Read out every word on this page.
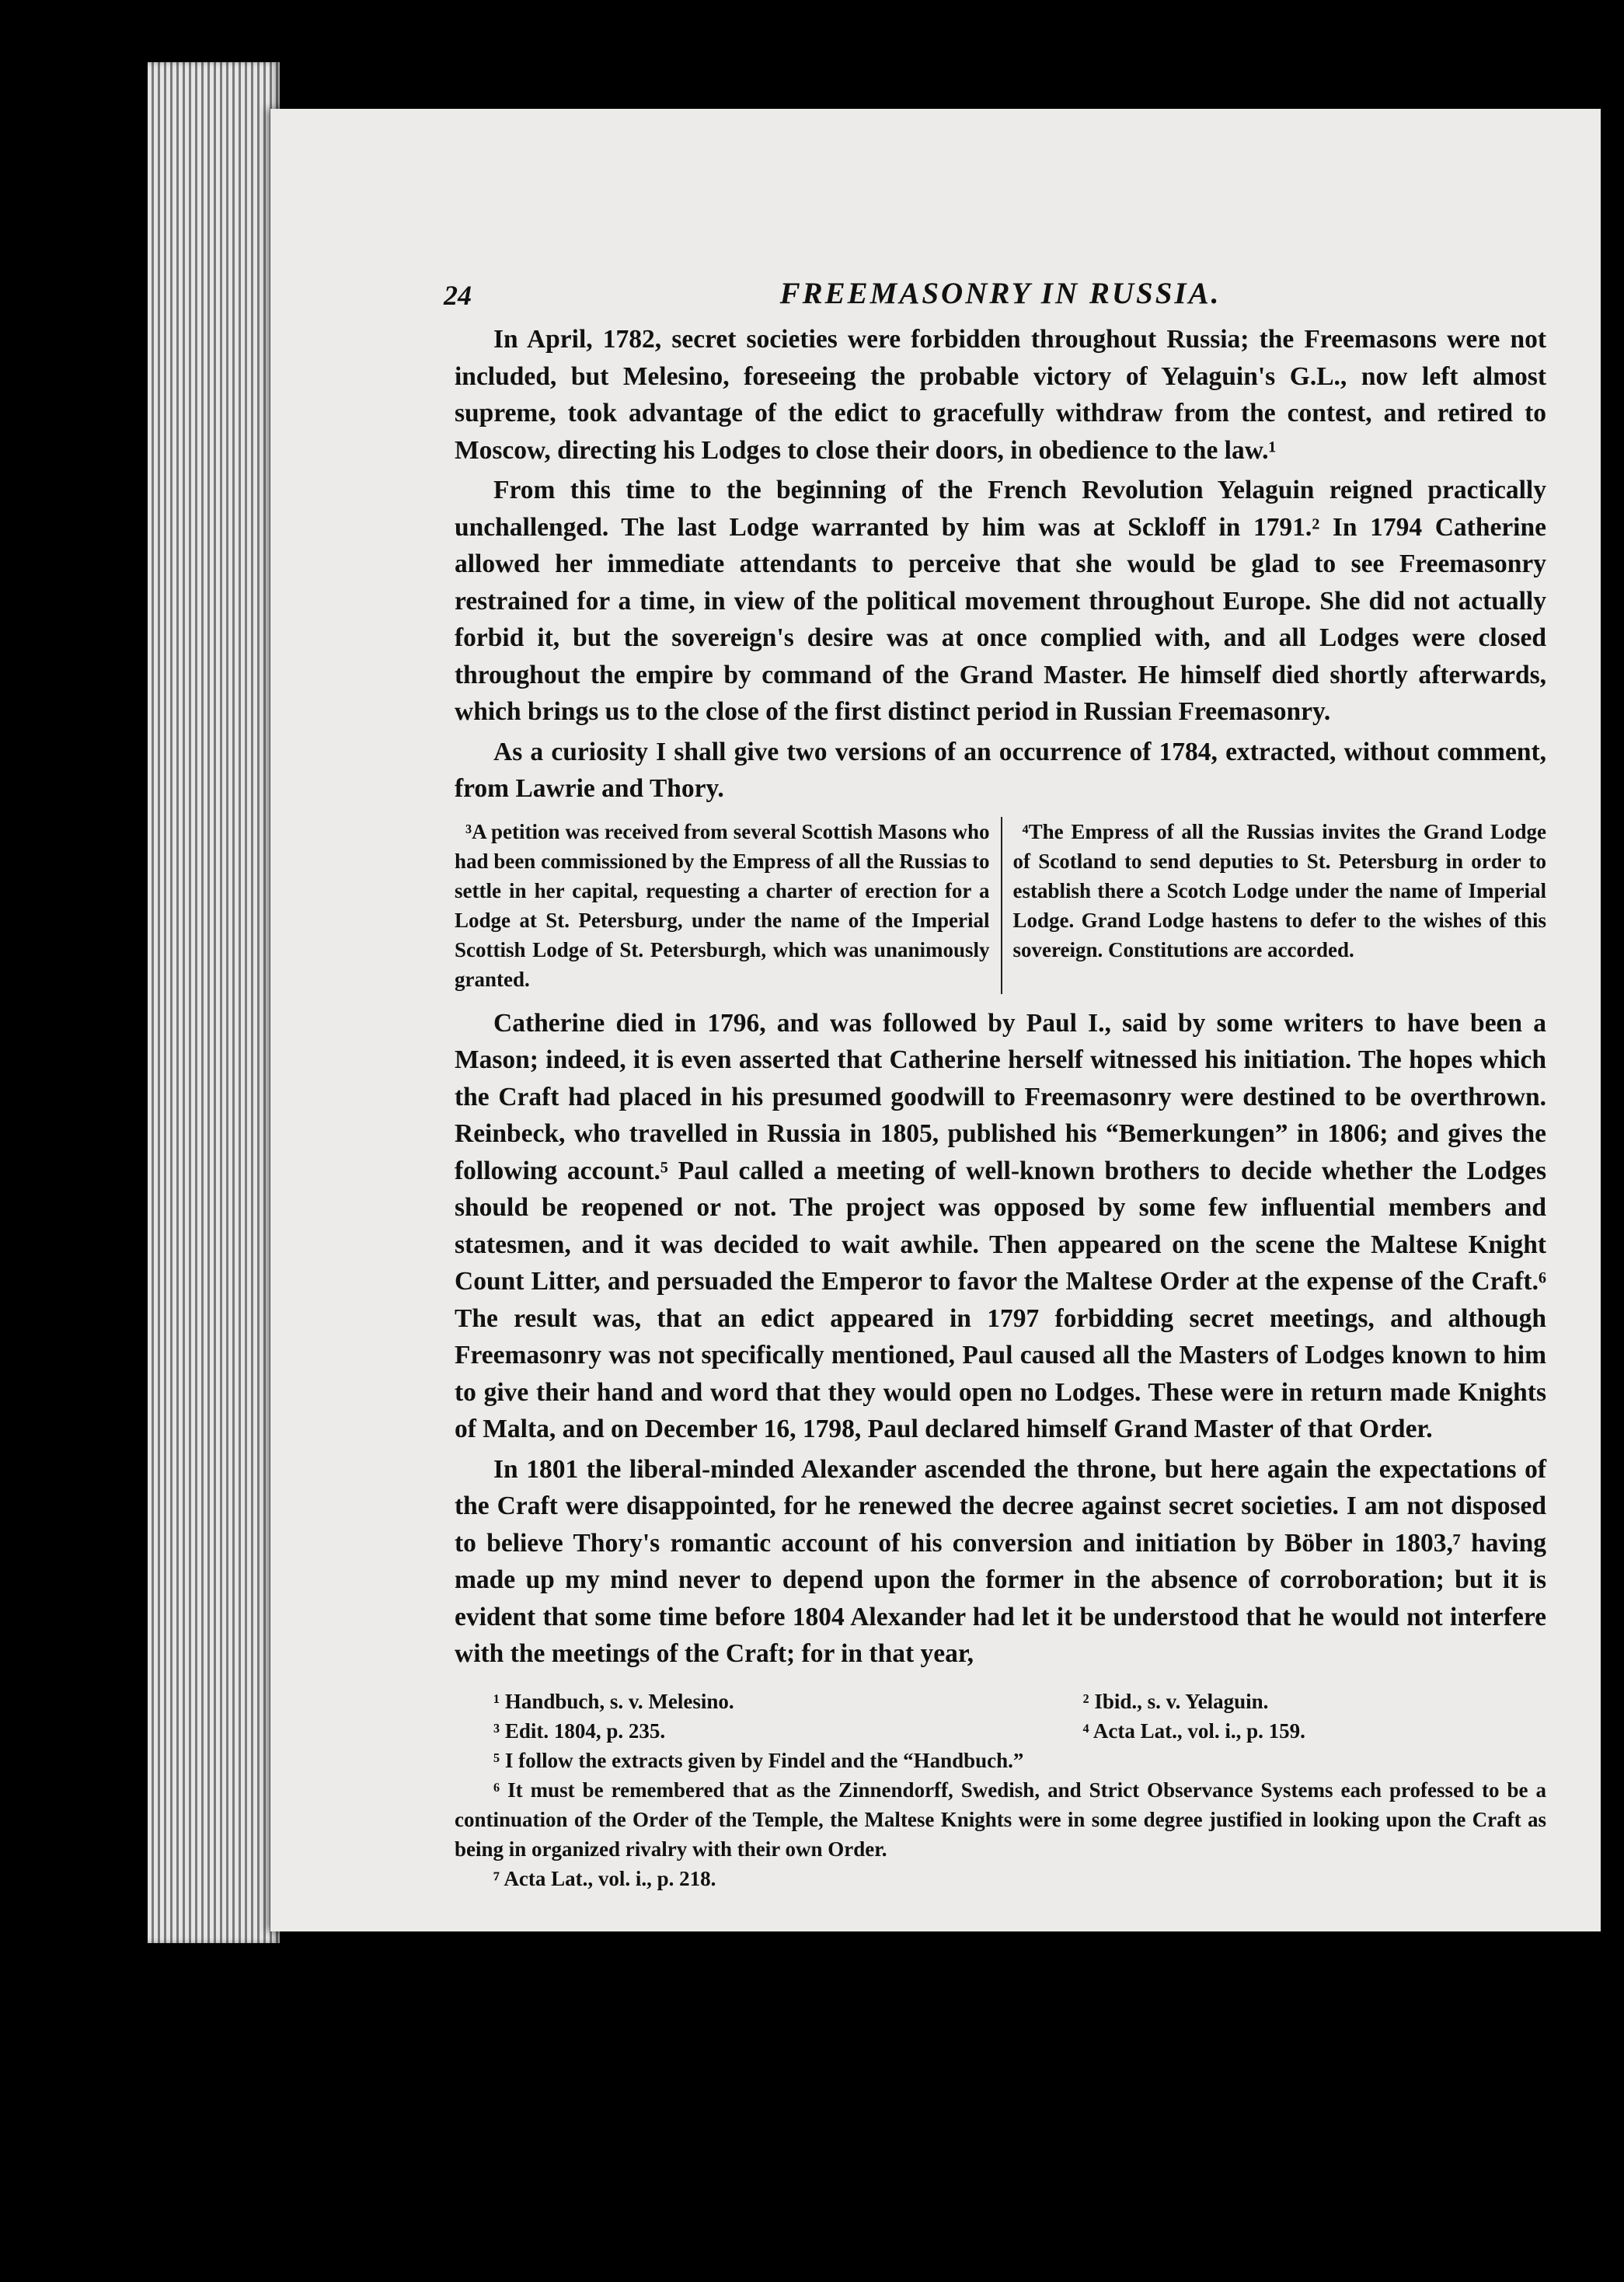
24	FREEMASONRY IN RUSSIA.

In April, 1782, secret societies were forbidden throughout Russia; the Freemasons were not included, but Melesino, foreseeing the probable victory of Yelaguin's G.L., now left almost supreme, took advantage of the edict to gracefully withdraw from the contest, and retired to Moscow, directing his Lodges to close their doors, in obedience to the law.¹

From this time to the beginning of the French Revolution Yelaguin reigned practically unchallenged. The last Lodge warranted by him was at Sckloff in 1791.² In 1794 Catherine allowed her immediate attendants to perceive that she would be glad to see Freemasonry restrained for a time, in view of the political movement throughout Europe. She did not actually forbid it, but the sovereign's desire was at once complied with, and all Lodges were closed throughout the empire by command of the Grand Master. He himself died shortly afterwards, which brings us to the close of the first distinct period in Russian Freemasonry.

As a curiosity I shall give two versions of an occurrence of 1784, extracted, without comment, from Lawrie and Thory.

³A petition was received from several Scottish Masons who had been commissioned by the Empress of all the Russias to settle in her capital, requesting a charter of erection for a Lodge at St. Petersburg, under the name of the Imperial Scottish Lodge of St. Petersburgh, which was unanimously granted.
⁴The Empress of all the Russias invites the Grand Lodge of Scotland to send deputies to St. Petersburg in order to establish there a Scotch Lodge under the name of Imperial Lodge. Grand Lodge hastens to defer to the wishes of this sovereign. Constitutions are accorded.

Catherine died in 1796, and was followed by Paul I., said by some writers to have been a Mason; indeed, it is even asserted that Catherine herself witnessed his initiation. The hopes which the Craft had placed in his presumed goodwill to Freemasonry were destined to be overthrown. Reinbeck, who travelled in Russia in 1805, published his “Bemerkungen” in 1806; and gives the following account.⁵ Paul called a meeting of well-known brothers to decide whether the Lodges should be reopened or not. The project was opposed by some few influential members and statesmen, and it was decided to wait awhile. Then appeared on the scene the Maltese Knight Count Litter, and persuaded the Emperor to favor the Maltese Order at the expense of the Craft.⁶ The result was, that an edict appeared in 1797 forbidding secret meetings, and although Freemasonry was not specifically mentioned, Paul caused all the Masters of Lodges known to him to give their hand and word that they would open no Lodges. These were in return made Knights of Malta, and on December 16, 1798, Paul declared himself Grand Master of that Order.

In 1801 the liberal-minded Alexander ascended the throne, but here again the expectations of the Craft were disappointed, for he renewed the decree against secret societies. I am not disposed to believe Thory's romantic account of his conversion and initiation by Böber in 1803,⁷ having made up my mind never to depend upon the former in the absence of corroboration; but it is evident that some time before 1804 Alexander had let it be understood that he would not interfere with the meetings of the Craft; for in that year,

¹ Handbuch, s. v. Melesino.	² Ibid., s. v. Yelaguin.
³ Edit. 1804, p. 235.	⁴ Acta Lat., vol. i., p. 159.
⁵ I follow the extracts given by Findel and the “Handbuch.”
⁶ It must be remembered that as the Zinnendorff, Swedish, and Strict Observance Systems each professed to be a continuation of the Order of the Temple, the Maltese Knights were in some degree justified in looking upon the Craft as being in organized rivalry with their own Order.
⁷ Acta Lat., vol. i., p. 218.
